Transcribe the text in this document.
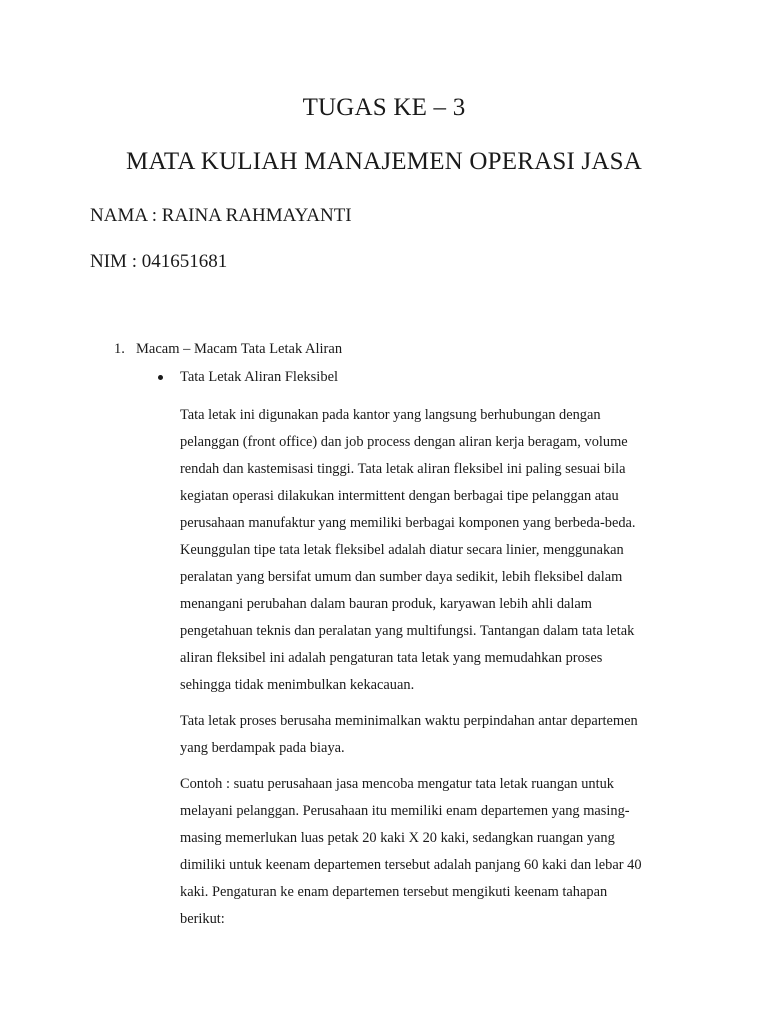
TUGAS KE – 3
MATA KULIAH MANAJEMEN OPERASI JASA

NAMA : RAINA RAHMAYANTI

NIM : 041651681

1. Macam – Macam Tata Letak Aliran
Tata Letak Aliran Fleksibel
Tata letak ini digunakan pada kantor yang langsung berhubungan dengan
pelanggan (front office) dan job process dengan aliran kerja beragam, volume
rendah dan kastemisasi tinggi. Tata letak aliran fleksibel ini paling sesuai bila
kegiatan operasi dilakukan intermittent dengan berbagai tipe pelanggan atau
perusahaan manufaktur yang memiliki berbagai komponen yang berbeda-beda.
Keunggulan tipe tata letak fleksibel adalah diatur secara linier, menggunakan
peralatan yang bersifat umum dan sumber daya sedikit, lebih fleksibel dalam
menangani perubahan dalam bauran produk, karyawan lebih ahli dalam
pengetahuan teknis dan peralatan yang multifungsi. Tantangan dalam tata letak
aliran fleksibel ini adalah pengaturan tata letak yang memudahkan proses
sehingga tidak menimbulkan kekacauan.
Tata letak proses berusaha meminimalkan waktu perpindahan antar departemen
yang berdampak pada biaya.
Contoh : suatu perusahaan jasa mencoba mengatur tata letak ruangan untuk
melayani pelanggan. Perusahaan itu memiliki enam departemen yang masing-
masing memerlukan luas petak 20 kaki X 20 kaki, sedangkan ruangan yang
dimiliki untuk keenam departemen tersebut adalah panjang 60 kaki dan lebar 40
kaki. Pengaturan ke enam departemen tersebut mengikuti keenam tahapan
berikut:
